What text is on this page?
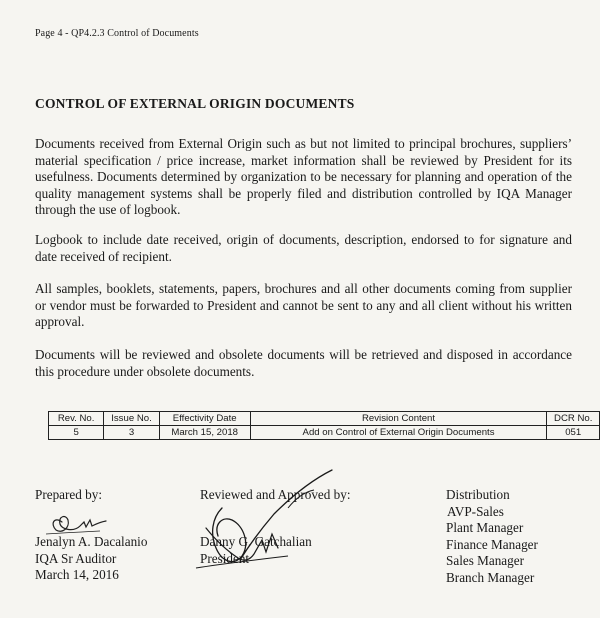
Page 4 - QP4.2.3 Control of Documents
CONTROL OF EXTERNAL ORIGIN DOCUMENTS

Documents received from External Origin such as but not limited to principal brochures, suppliers’ material specification / price increase, market information shall be reviewed by President for its usefulness. Documents determined by organization to be necessary for planning and operation of the quality management systems shall be properly filed and distribution controlled by IQA Manager through the use of logbook.

Logbook to include date received, origin of documents, description, endorsed to for signature and date received of recipient.

All samples, booklets, statements, papers, brochures and all other documents coming from supplier or vendor must be forwarded to President and cannot be sent to any and all client without his written approval.

Documents will be reviewed and obsolete documents will be retrieved and disposed in accordance this procedure under obsolete documents.

Rev. No.	Issue No.	Effectivity Date	Revision Content	DCR No.
5	3	March 15, 2018	Add on Control of External Origin Documents	051
Prepared by:	Reviewed and Approved by:
Jenalyn A. Dacalanio
IQA Sr Auditor
March 14, 2016
Danny G. Gatchalian
President
Distribution
AVP-Sales
Plant Manager
Finance Manager
Sales Manager
Branch Manager
